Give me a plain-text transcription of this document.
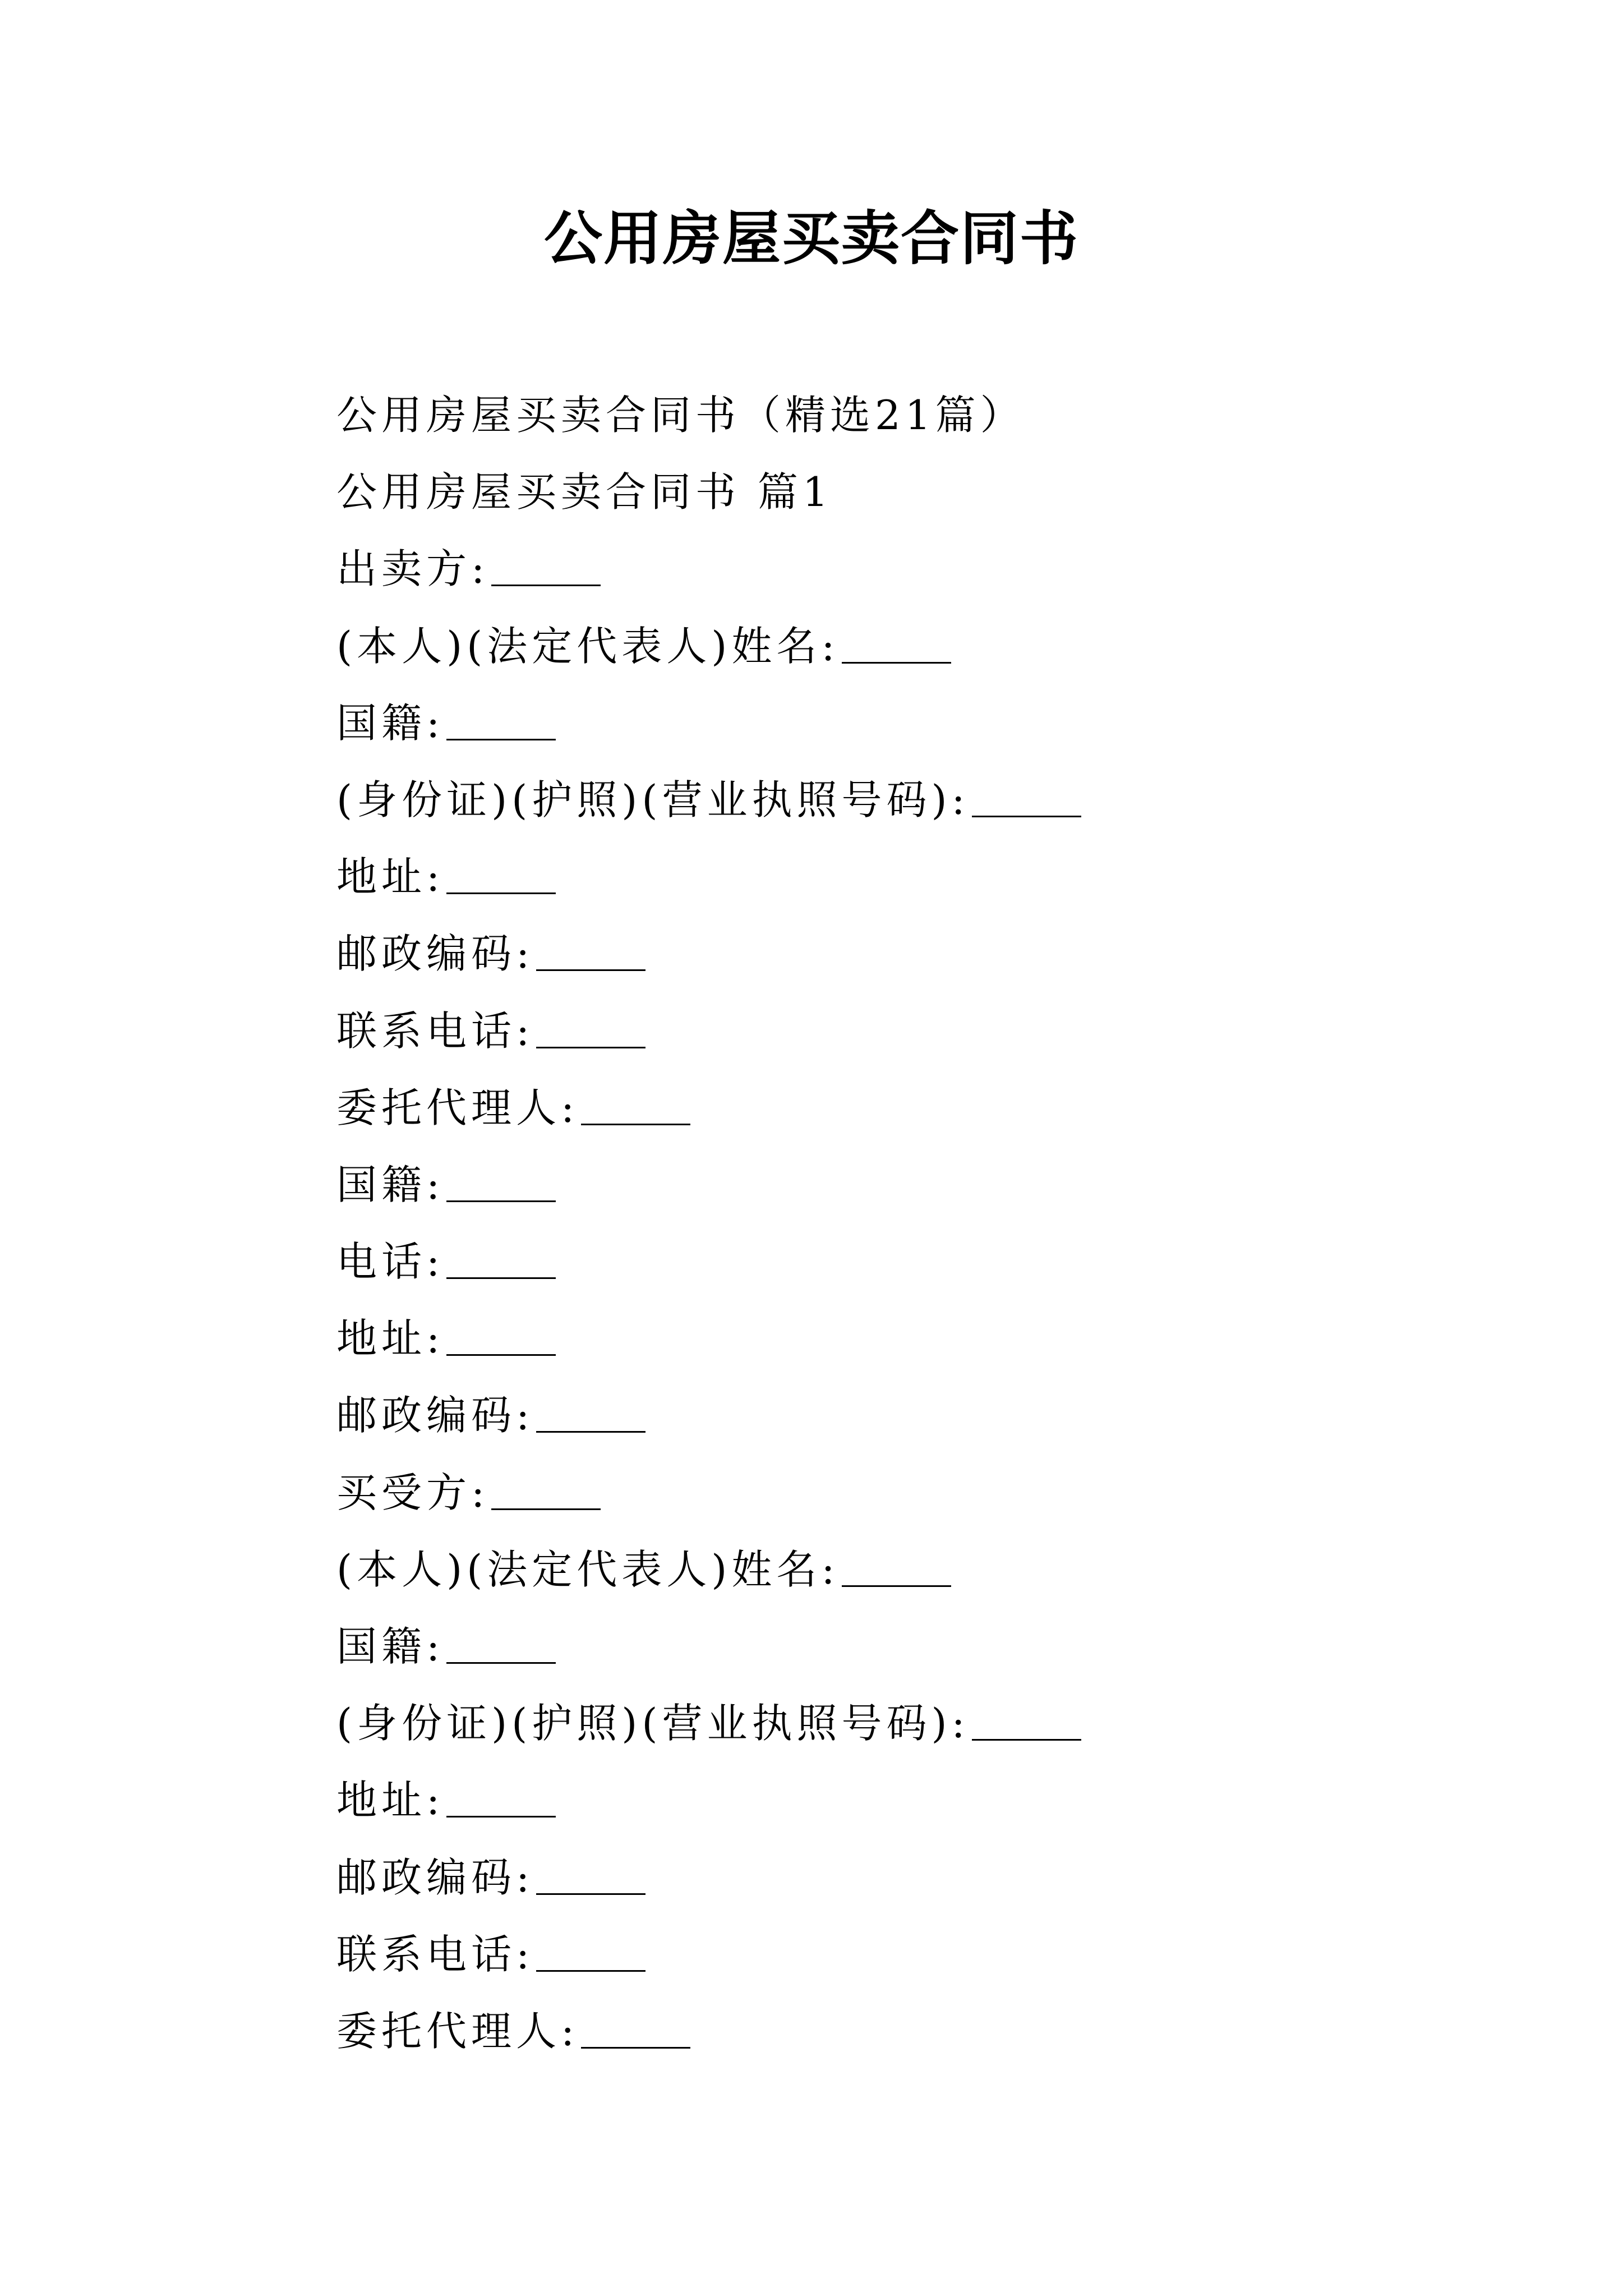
公用房屋买卖合同书
公用房屋买卖合同书（精选21篇）
公用房屋买卖合同书 篇1
出卖方:
(本人)(法定代表人)姓名:
国籍:
(身份证)(护照)(营业执照号码):
地址:
邮政编码:
联系电话:
委托代理人:
国籍:
电话:
地址:
邮政编码:
买受方:
(本人)(法定代表人)姓名:
国籍:
(身份证)(护照)(营业执照号码):
地址:
邮政编码:
联系电话:
委托代理人:
